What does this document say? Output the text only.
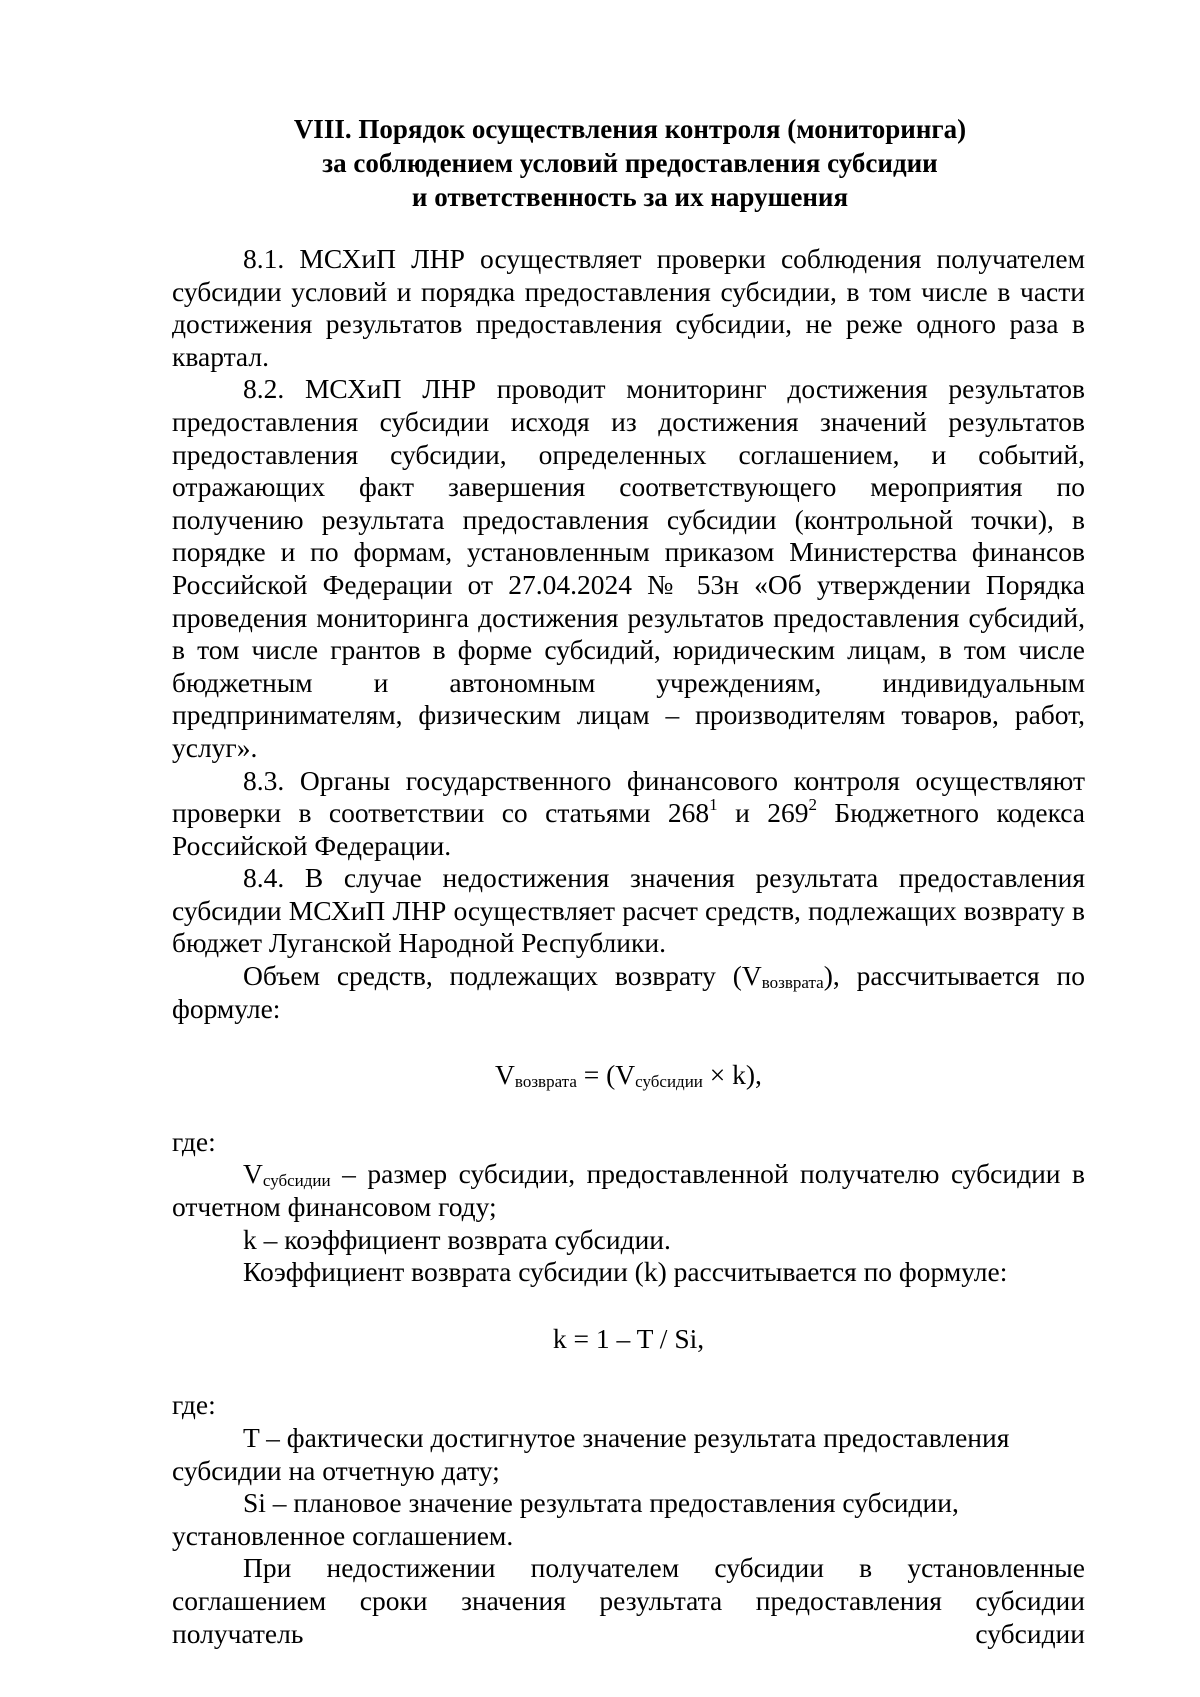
VIII. Порядок осуществления контроля (мониторинга)
за соблюдением условий предоставления субсидии
и ответственность за их нарушения

8.1. МСХиП ЛНР осуществляет проверки соблюдения получателем субсидии условий и порядка предоставления субсидии, в том числе в части достижения результатов предоставления субсидии, не реже одного раза в квартал.

8.2. МСХиП ЛНР проводит мониторинг достижения результатов предоставления субсидии исходя из достижения значений результатов предоставления субсидии, определенных соглашением, и событий, отражающих факт завершения соответствующего мероприятия по получению результата предоставления субсидии (контрольной точки), в порядке и по формам, установленным приказом Министерства финансов Российской Федерации от 27.04.2024 № 53н «Об утверждении Порядка проведения мониторинга достижения результатов предоставления субсидий, в том числе грантов в форме субсидий, юридическим лицам, в том числе бюджетным и автономным учреждениям, индивидуальным предпринимателям, физическим лицам – производителям товаров, работ, услуг».

8.3. Органы государственного финансового контроля осуществляют проверки в соответствии со статьями $268^1$ и $269^2$ Бюджетного кодекса Российской Федерации.

8.4. В случае недостижения значения результата предоставления субсидии МСХиП ЛНР осуществляет расчет средств, подлежащих возврату в бюджет Луганской Народной Республики.

Объем средств, подлежащих возврату $(V_{возврата})$, рассчитывается по формуле:

$V_{возврата} = (V_{субсидии} \times k)$,

где:

$V_{субсидии}$ – размер субсидии, предоставленной получателю субсидии в отчетном финансовом году;

k – коэффициент возврата субсидии.

Коэффициент возврата субсидии (k) рассчитывается по формуле:

k = 1 – T / Si,

где:

T – фактически достигнутое значение результата предоставления

субсидии на отчетную дату;

Si – плановое значение результата предоставления субсидии,

установленное соглашением.

При недостижении получателем субсидии в установленные соглашением сроки значения результата предоставления субсидии получатель субсидии
